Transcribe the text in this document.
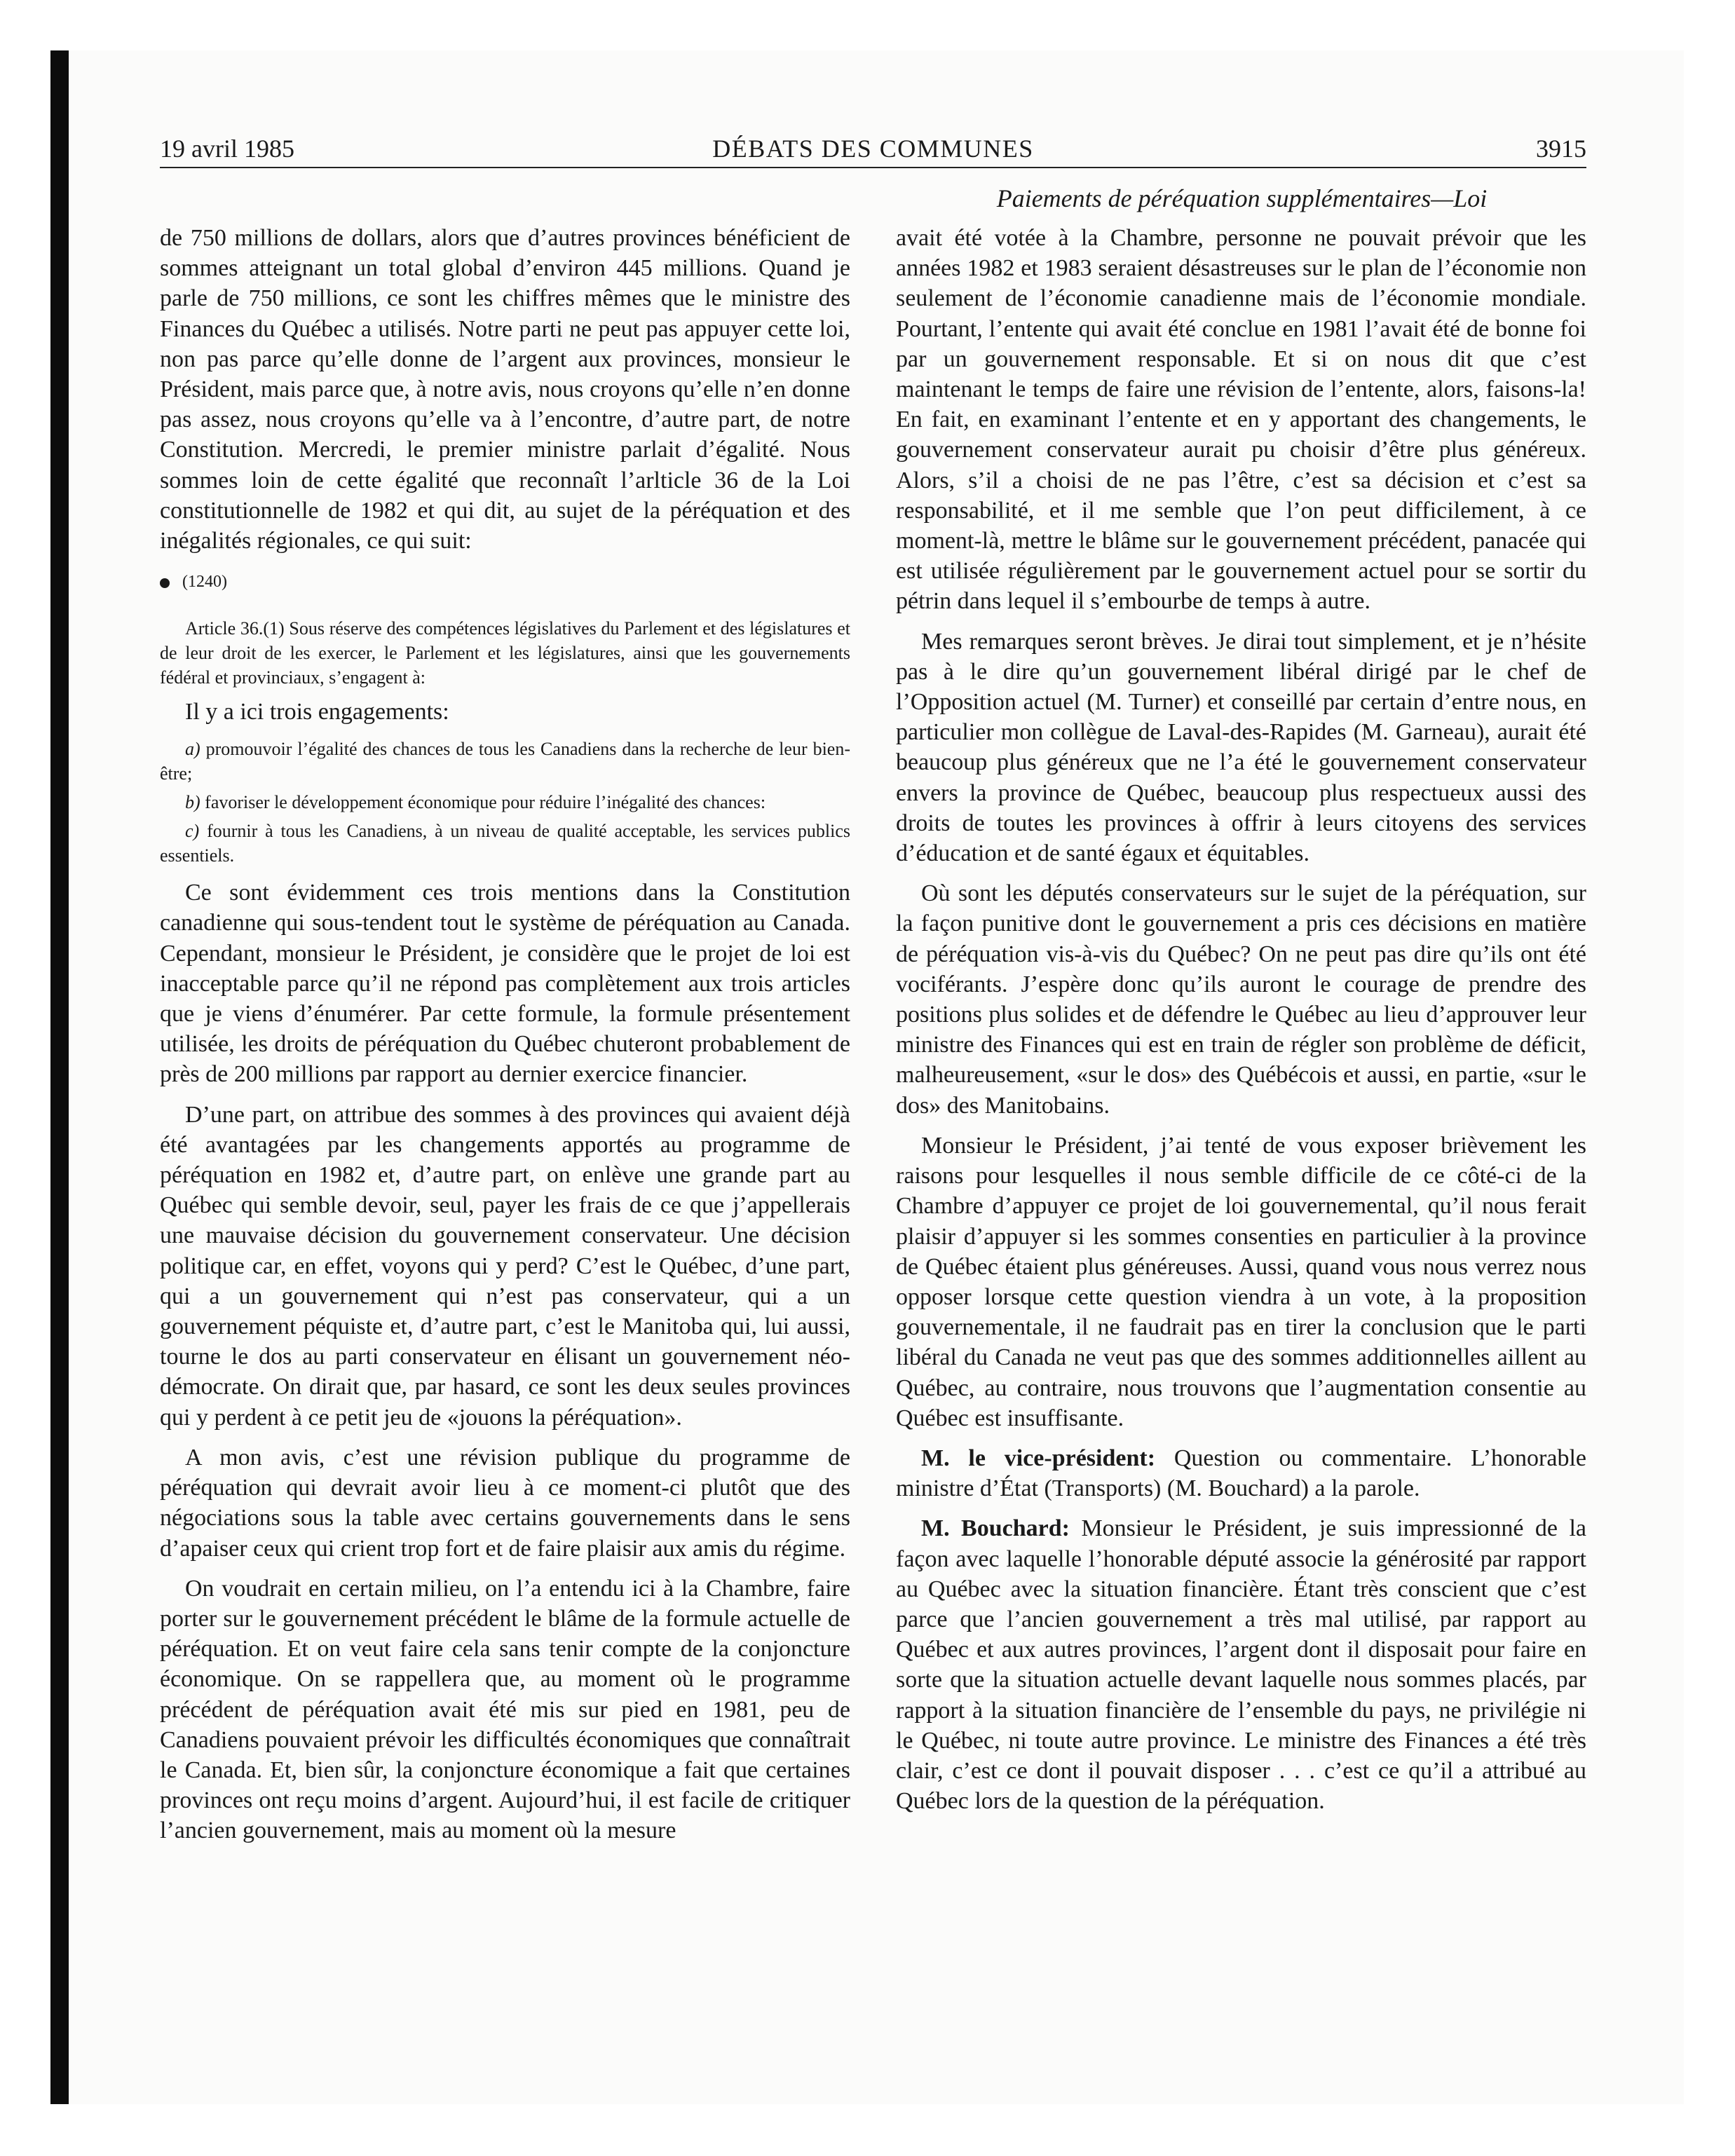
19 avril 1985	DÉBATS DES COMMUNES	3915
Paiements de péréquation supplémentaires—Loi

de 750 millions de dollars, alors que d’autres provinces bénéficient de sommes atteignant un total global d’environ 445 millions. Quand je parle de 750 millions, ce sont les chiffres mêmes que le ministre des Finances du Québec a utilisés. Notre parti ne peut pas appuyer cette loi, non pas parce qu’elle donne de l’argent aux provinces, monsieur le Président, mais parce que, à notre avis, nous croyons qu’elle n’en donne pas assez, nous croyons qu’elle va à l’encontre, d’autre part, de notre Constitution. Mercredi, le premier ministre parlait d’égalité. Nous sommes loin de cette égalité que reconnaît l’arlticle 36 de la Loi constitutionnelle de 1982 et qui dit, au sujet de la péréquation et des inégalités régionales, ce qui suit:

(1240)

Article 36.(1) Sous réserve des compétences législatives du Parlement et des législatures et de leur droit de les exercer, le Parlement et les législatures, ainsi que les gouvernements fédéral et provinciaux, s’engagent à:

Il y a ici trois engagements:

a) promouvoir l’égalité des chances de tous les Canadiens dans la recherche de leur bien-être;

b) favoriser le développement économique pour réduire l’inégalité des chances:

c) fournir à tous les Canadiens, à un niveau de qualité acceptable, les services publics essentiels.

Ce sont évidemment ces trois mentions dans la Constitution canadienne qui sous-tendent tout le système de péréquation au Canada. Cependant, monsieur le Président, je considère que le projet de loi est inacceptable parce qu’il ne répond pas complètement aux trois articles que je viens d’énumérer. Par cette formule, la formule présentement utilisée, les droits de péréquation du Québec chuteront probablement de près de 200 millions par rapport au dernier exercice financier.

D’une part, on attribue des sommes à des provinces qui avaient déjà été avantagées par les changements apportés au programme de péréquation en 1982 et, d’autre part, on enlève une grande part au Québec qui semble devoir, seul, payer les frais de ce que j’appellerais une mauvaise décision du gouvernement conservateur. Une décision politique car, en effet, voyons qui y perd? C’est le Québec, d’une part, qui a un gouvernement qui n’est pas conservateur, qui a un gouvernement péquiste et, d’autre part, c’est le Manitoba qui, lui aussi, tourne le dos au parti conservateur en élisant un gouvernement néo-démocrate. On dirait que, par hasard, ce sont les deux seules provinces qui y perdent à ce petit jeu de «jouons la péréquation».

A mon avis, c’est une révision publique du programme de péréquation qui devrait avoir lieu à ce moment-ci plutôt que des négociations sous la table avec certains gouvernements dans le sens d’apaiser ceux qui crient trop fort et de faire plaisir aux amis du régime.

On voudrait en certain milieu, on l’a entendu ici à la Chambre, faire porter sur le gouvernement précédent le blâme de la formule actuelle de péréquation. Et on veut faire cela sans tenir compte de la conjoncture économique. On se rappellera que, au moment où le programme précédent de péréquation avait été mis sur pied en 1981, peu de Canadiens pouvaient prévoir les difficultés économiques que connaîtrait le Canada. Et, bien sûr, la conjoncture économique a fait que certaines provinces ont reçu moins d’argent. Aujourd’hui, il est facile de critiquer l’ancien gouvernement, mais au moment où la mesure

avait été votée à la Chambre, personne ne pouvait prévoir que les années 1982 et 1983 seraient désastreuses sur le plan de l’économie non seulement de l’économie canadienne mais de l’économie mondiale. Pourtant, l’entente qui avait été conclue en 1981 l’avait été de bonne foi par un gouvernement responsable. Et si on nous dit que c’est maintenant le temps de faire une révision de l’entente, alors, faisons-la! En fait, en examinant l’entente et en y apportant des changements, le gouvernement conservateur aurait pu choisir d’être plus généreux. Alors, s’il a choisi de ne pas l’être, c’est sa décision et c’est sa responsabilité, et il me semble que l’on peut difficilement, à ce moment-là, mettre le blâme sur le gouvernement précédent, panacée qui est utilisée régulièrement par le gouvernement actuel pour se sortir du pétrin dans lequel il s’embourbe de temps à autre.

Mes remarques seront brèves. Je dirai tout simplement, et je n’hésite pas à le dire qu’un gouvernement libéral dirigé par le chef de l’Opposition actuel (M. Turner) et conseillé par certain d’entre nous, en particulier mon collègue de Laval-des-Rapides (M. Garneau), aurait été beaucoup plus généreux que ne l’a été le gouvernement conservateur envers la province de Québec, beaucoup plus respectueux aussi des droits de toutes les provinces à offrir à leurs citoyens des services d’éducation et de santé égaux et équitables.

Où sont les députés conservateurs sur le sujet de la péréquation, sur la façon punitive dont le gouvernement a pris ces décisions en matière de péréquation vis-à-vis du Québec? On ne peut pas dire qu’ils ont été vociférants. J’espère donc qu’ils auront le courage de prendre des positions plus solides et de défendre le Québec au lieu d’approuver leur ministre des Finances qui est en train de régler son problème de déficit, malheureusement, «sur le dos» des Québécois et aussi, en partie, «sur le dos» des Manitobains.

Monsieur le Président, j’ai tenté de vous exposer brièvement les raisons pour lesquelles il nous semble difficile de ce côté-ci de la Chambre d’appuyer ce projet de loi gouvernemental, qu’il nous ferait plaisir d’appuyer si les sommes consenties en particulier à la province de Québec étaient plus généreuses. Aussi, quand vous nous verrez nous opposer lorsque cette question viendra à un vote, à la proposition gouvernementale, il ne faudrait pas en tirer la conclusion que le parti libéral du Canada ne veut pas que des sommes additionnelles aillent au Québec, au contraire, nous trouvons que l’augmentation consentie au Québec est insuffisante.

M. le vice-président: Question ou commentaire. L’honorable ministre d’État (Transports) (M. Bouchard) a la parole.

M. Bouchard: Monsieur le Président, je suis impressionné de la façon avec laquelle l’honorable député associe la générosité par rapport au Québec avec la situation financière. Étant très conscient que c’est parce que l’ancien gouvernement a très mal utilisé, par rapport au Québec et aux autres provinces, l’argent dont il disposait pour faire en sorte que la situation actuelle devant laquelle nous sommes placés, par rapport à la situation financière de l’ensemble du pays, ne privilégie ni le Québec, ni toute autre province. Le ministre des Finances a été très clair, c’est ce dont il pouvait disposer . . . c’est ce qu’il a attribué au Québec lors de la question de la péréquation.
